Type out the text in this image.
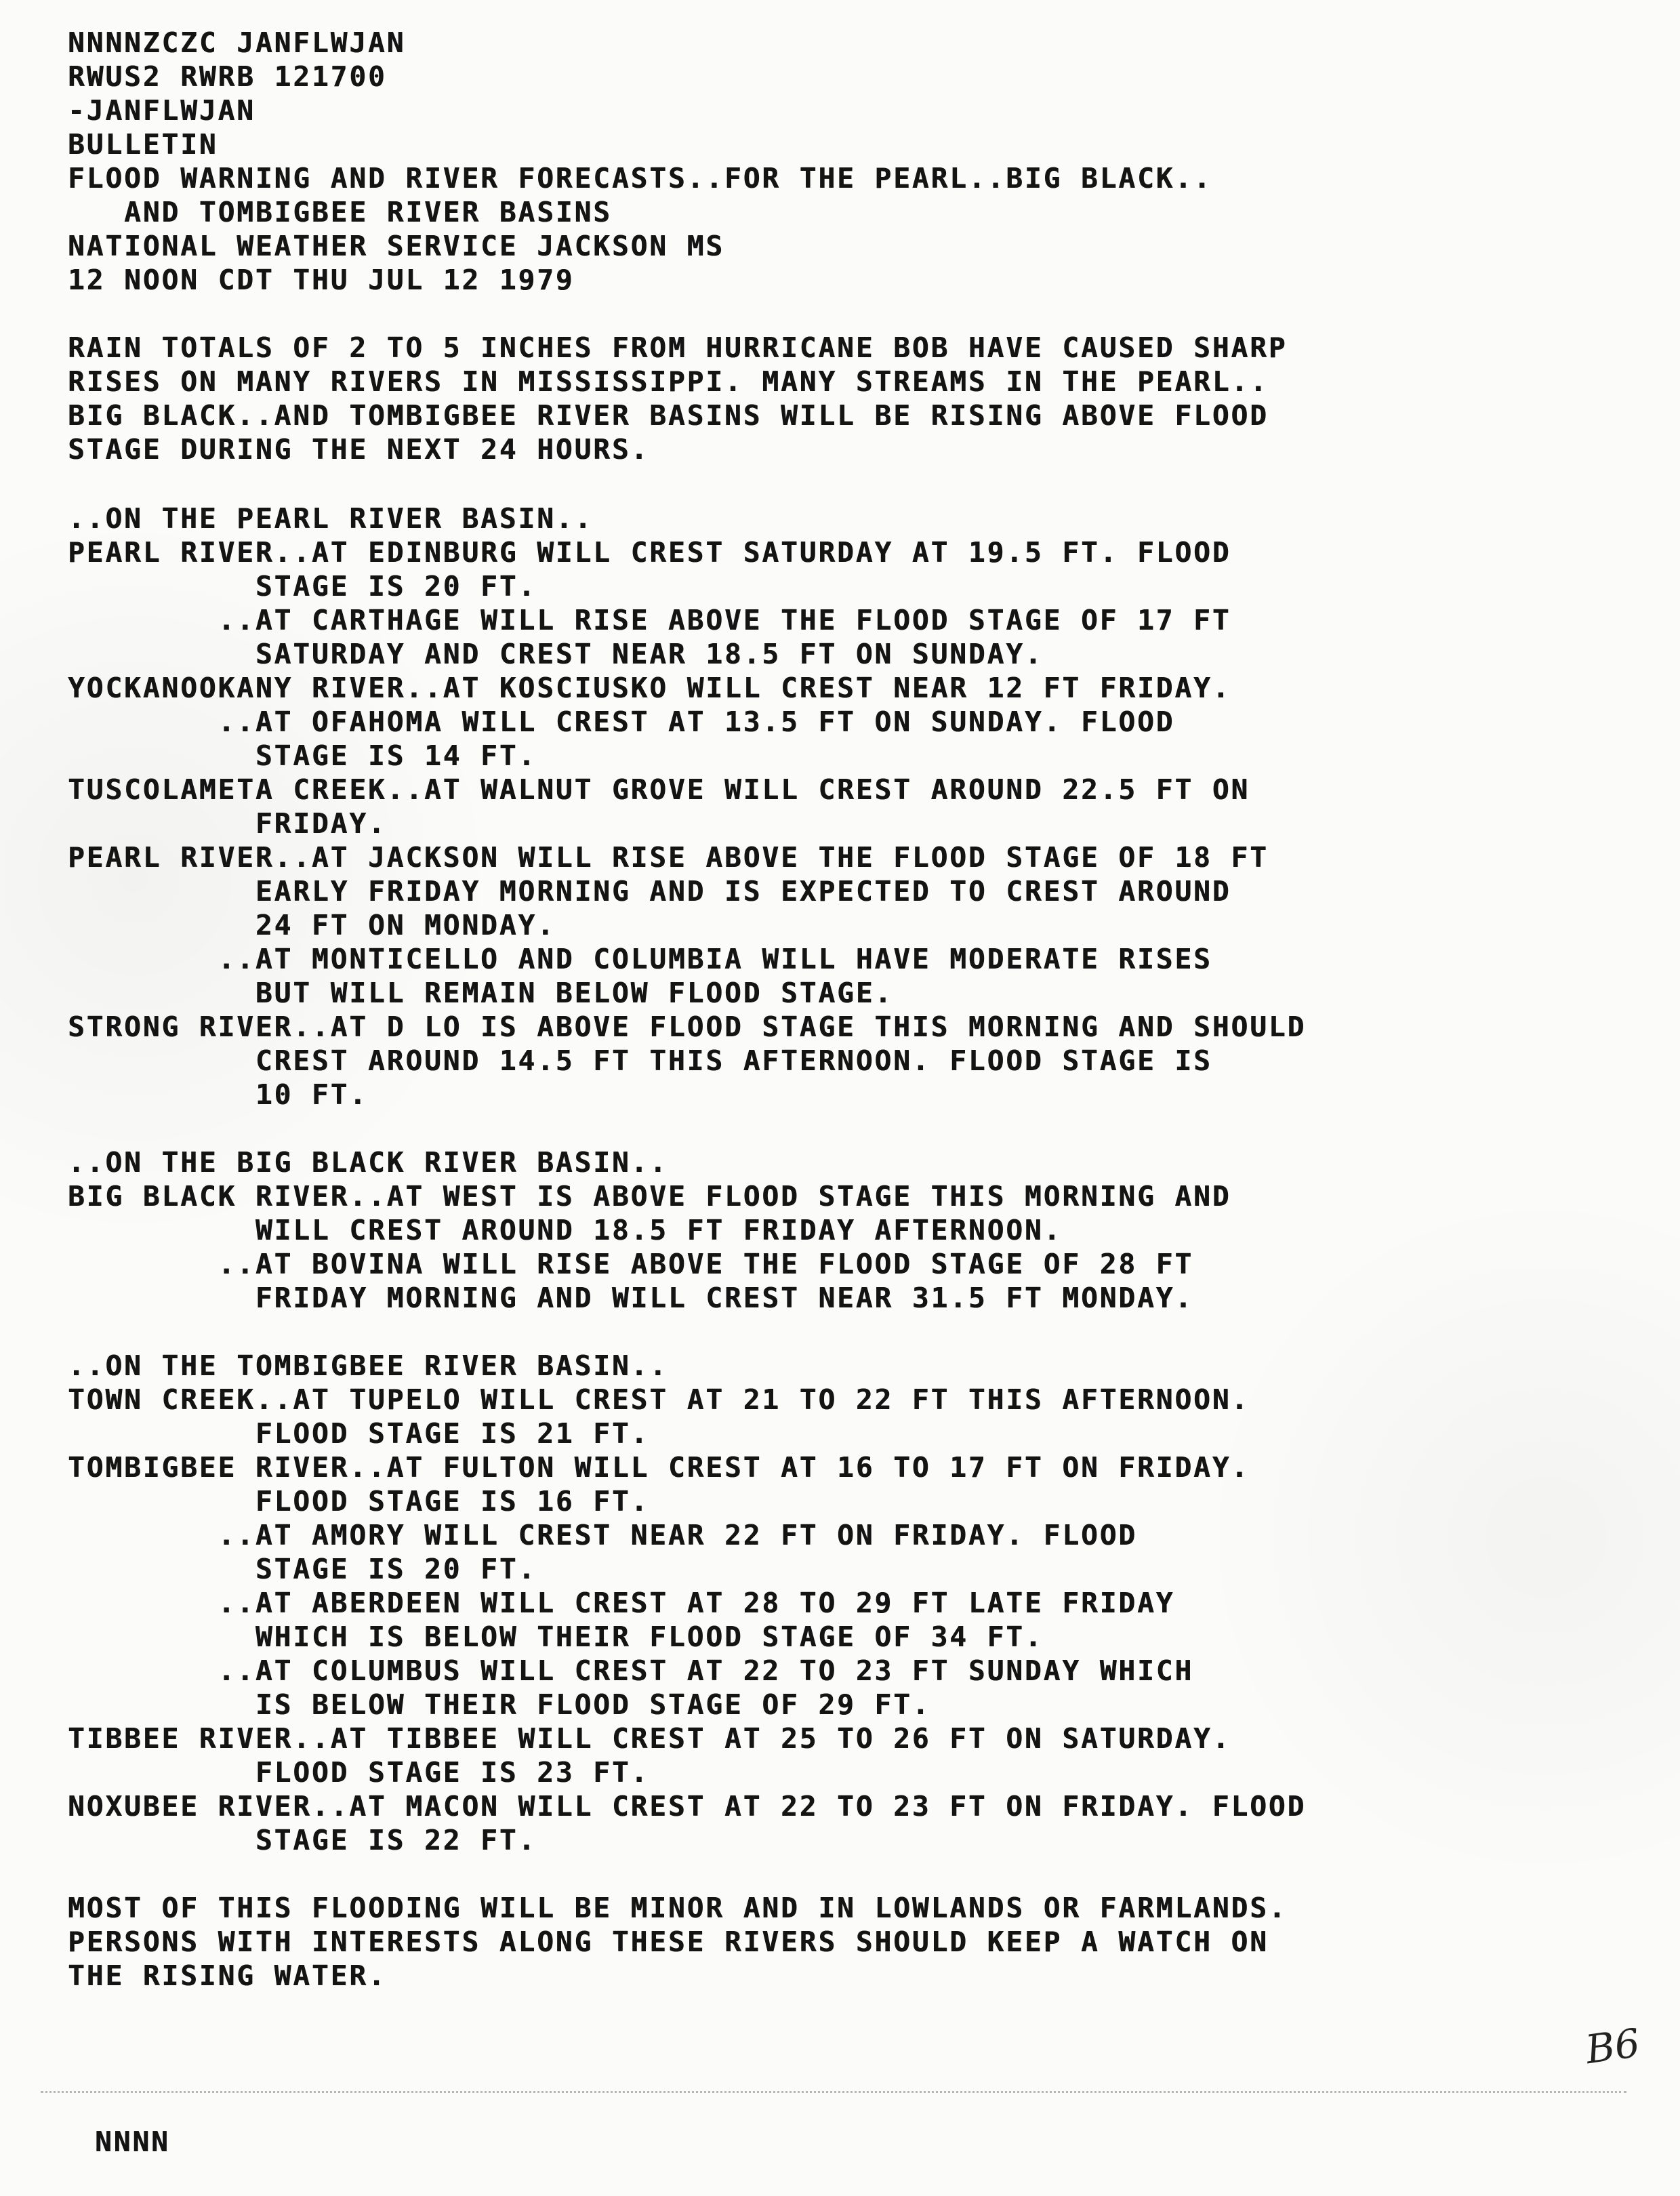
NNNNZCZC JANFLWJAN
RWUS2 RWRB 121700
-JANFLWJAN
BULLETIN
FLOOD WARNING AND RIVER FORECASTS..FOR THE PEARL..BIG BLACK..
AND TOMBIGBEE RIVER BASINS
NATIONAL WEATHER SERVICE JACKSON MS
12 NOON CDT THU JUL 12 1979
RAIN TOTALS OF 2 TO 5 INCHES FROM HURRICANE BOB HAVE CAUSED SHARP
RISES ON MANY RIVERS IN MISSISSIPPI. MANY STREAMS IN THE PEARL..
BIG BLACK..AND TOMBIGBEE RIVER BASINS WILL BE RISING ABOVE FLOOD
STAGE DURING THE NEXT 24 HOURS.
..ON THE PEARL RIVER BASIN..
PEARL RIVER..AT EDINBURG WILL CREST SATURDAY AT 19.5 FT. FLOOD
STAGE IS 20 FT.
..AT CARTHAGE WILL RISE ABOVE THE FLOOD STAGE OF 17 FT
SATURDAY AND CREST NEAR 18.5 FT ON SUNDAY.
YOCKANOOKANY RIVER..AT KOSCIUSKO WILL CREST NEAR 12 FT FRIDAY.
..AT OFAHOMA WILL CREST AT 13.5 FT ON SUNDAY. FLOOD
STAGE IS 14 FT.
TUSCOLAMETA CREEK..AT WALNUT GROVE WILL CREST AROUND 22.5 FT ON
FRIDAY.
PEARL RIVER..AT JACKSON WILL RISE ABOVE THE FLOOD STAGE OF 18 FT
EARLY FRIDAY MORNING AND IS EXPECTED TO CREST AROUND
24 FT ON MONDAY.
..AT MONTICELLO AND COLUMBIA WILL HAVE MODERATE RISES
BUT WILL REMAIN BELOW FLOOD STAGE.
STRONG RIVER..AT D LO IS ABOVE FLOOD STAGE THIS MORNING AND SHOULD
CREST AROUND 14.5 FT THIS AFTERNOON. FLOOD STAGE IS
10 FT.
..ON THE BIG BLACK RIVER BASIN..
BIG BLACK RIVER..AT WEST IS ABOVE FLOOD STAGE THIS MORNING AND
WILL CREST AROUND 18.5 FT FRIDAY AFTERNOON.
..AT BOVINA WILL RISE ABOVE THE FLOOD STAGE OF 28 FT
FRIDAY MORNING AND WILL CREST NEAR 31.5 FT MONDAY.
..ON THE TOMBIGBEE RIVER BASIN..
TOWN CREEK..AT TUPELO WILL CREST AT 21 TO 22 FT THIS AFTERNOON.
FLOOD STAGE IS 21 FT.
TOMBIGBEE RIVER..AT FULTON WILL CREST AT 16 TO 17 FT ON FRIDAY.
FLOOD STAGE IS 16 FT.
..AT AMORY WILL CREST NEAR 22 FT ON FRIDAY. FLOOD
STAGE IS 20 FT.
..AT ABERDEEN WILL CREST AT 28 TO 29 FT LATE FRIDAY
WHICH IS BELOW THEIR FLOOD STAGE OF 34 FT.
..AT COLUMBUS WILL CREST AT 22 TO 23 FT SUNDAY WHICH
IS BELOW THEIR FLOOD STAGE OF 29 FT.
TIBBEE RIVER..AT TIBBEE WILL CREST AT 25 TO 26 FT ON SATURDAY.
FLOOD STAGE IS 23 FT.
NOXUBEE RIVER..AT MACON WILL CREST AT 22 TO 23 FT ON FRIDAY. FLOOD
STAGE IS 22 FT.
MOST OF THIS FLOODING WILL BE MINOR AND IN LOWLANDS OR FARMLANDS.
PERSONS WITH INTERESTS ALONG THESE RIVERS SHOULD KEEP A WATCH ON
THE RISING WATER.
B6
NNNN
